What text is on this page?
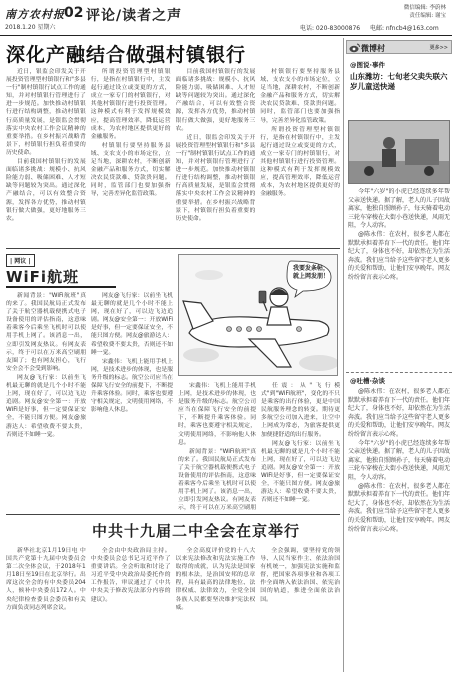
南方农村报
2018.1.20 星期六
02 评论/读者之声	微信编辑: 李蔚林
责任编辑: 谢宝
电话: 020-83000876 电邮: nfncb4@163.com
深化产融结合做强村镇银行

近日，银监会印发关于开展投资管理型村镇银行和"多县一行"制村镇银行试点工作的通知，并对村镇银行管理进行了进一步规范。加快推动村镇银行进行结构调整，推动村镇银行高质量发展，是银监会贯彻落实中央农村工作会议精神的重要举措。在乡村振兴战略背景下，村镇银行担负着重要的历史使命。

目前我国村镇银行的发展面临诸多挑战：规模小、抗风险能力弱、吸储困难、人才短缺等问题较为突出。通过深化产融结合，可以有效整合资源，发挥各方优势，推动村镇银行做大做强，更好地服务三农。

所谓投资管理型村镇银行，是指在村镇银行中，主发起行通过设立或变更的方式，成立一家专门的村镇银行，对其他村镇银行进行投资管理。这种模式有利于发挥规模效应，提高管理效率，降低运营成本，为农村地区提供更好的金融服务。

村镇银行要坚持服务县域、支农支小的市场定位，立足当地，深耕农村，不断创新金融产品和服务方式，切实解决农民贷款难、贷款贵问题。同时，监管部门也要加强指导，完善差异化监管政策。

目前我国村镇银行的发展面临诸多挑战：规模小、抗风险能力弱、吸储困难、人才短缺等问题较为突出。通过深化产融结合，可以有效整合资源，发挥各方优势，推动村镇银行做大做强，更好地服务三农。

近日，银监会印发关于开展投资管理型村镇银行和"多县一行"制村镇银行试点工作的通知，并对村镇银行管理进行了进一步规范。加快推动村镇银行进行结构调整，推动村镇银行高质量发展，是银监会贯彻落实中央农村工作会议精神的重要举措。在乡村振兴战略背景下，村镇银行担负着重要的历史使命。

村镇银行要坚持服务县域、支农支小的市场定位，立足当地，深耕农村，不断创新金融产品和服务方式，切实解决农民贷款难、贷款贵问题。同时，监管部门也要加强指导，完善差异化监管政策。

所谓投资管理型村镇银行，是指在村镇银行中，主发起行通过设立或变更的方式，成立一家专门的村镇银行，对其他村镇银行进行投资管理。这种模式有利于发挥规模效应，提高管理效率，降低运营成本，为农村地区提供更好的金融服务。

| 网议 |
WiFi航班

新闻背景："WiFi航班"真的来了。我国民航局正式发布了关于航空器机载便携式电子设备使用的评估指南，这意味着乘客今后乘坐飞机时可以使用手机上网了。该消息一出，立即引发网友热议。有网友表示，终于可以在万米高空刷朋友圈了；也有网友担心，飞行安全会不会受到影响。

网友@飞行家：以前坐飞机最无聊的就是几个小时不能上网，现在好了，可以边飞边追剧。网友@安全第一：开放WiFi是好事，但一定要保证安全，不能只图方便。网友@旅游达人：希望收费不要太贵，否则还不如睡一觉。

网友@飞行家：以前坐飞机最无聊的就是几个小时不能上网，现在好了，可以边飞边追剧。网友@安全第一：开放WiFi是好事，但一定要保证安全，不能只图方便。网友@旅游达人：希望收费不要太贵，否则还不如睡一觉。

宋鑫伟：飞机上能用手机上网，是技术进步的体现，也是服务升级的标志。航空公司应当在保障飞行安全的前提下，不断提升乘客体验。同时，乘客也要遵守相关规定，文明使用网络，不影响他人休息。

我要发条帖，就上网发朋！

宋鑫伟：飞机上能用手机上网，是技术进步的体现，也是服务升级的标志。航空公司应当在保障飞行安全的前提下，不断提升乘客体验。同时，乘客也要遵守相关规定，文明使用网络，不影响他人休息。

新闻背景："WiFi航班"真的来了。我国民航局正式发布了关于航空器机载便携式电子设备使用的评估指南，这意味着乘客今后乘坐飞机时可以使用手机上网了。该消息一出，立即引发网友热议。有网友表示，终于可以在万米高空刷朋

任震：从"飞行模式"到"WiFi航班"，变化的不只是乘客的出行体验，更是中国民航服务理念的转变。期待更多航空公司加入进来，让空中上网成为常态，为旅客提供更加便捷舒适的出行服务。

网友@飞行家：以前坐飞机最无聊的就是几个小时不能上网，现在好了，可以边飞边追剧。网友@安全第一：开放WiFi是好事，但一定要保证安全，不能只图方便。网友@旅游达人：希望收费不要太贵，否则还不如睡一觉。

中共十九届二中全会在京举行

新华社北京1月19日电 中国共产党第十九届中央委员会第二次全体会议，于2018年1月18日至19日在北京举行。出席这次全会的有中央委员204人，候补中央委员172人。中央纪律检查委员会委员和有关方面负责同志列席会议。

全会由中央政治局主持。中央委员会总书记习近平作了重要讲话。全会听取和讨论了习近平受中央政治局委托作的工作报告，审议通过了《中共中央关于修改宪法部分内容的建议》。

全会高度评价党的十八大以来宪法修改和宪法实施工作取得的成就，认为宪法是国家的根本法，是治国安邦的总章程，具有最高的法律地位、法律权威、法律效力，全党全国各族人民都要坚决维护宪法权威。

全会强调，要坚持党的领导、人民当家作主、依法治国有机统一，加强宪法实施和监督，把国家各项事业和各项工作全面纳入依法治国、依宪治国的轨道，推进全面依法治国。

微博村	更多>>
@图说·事件
山东潍坊：七旬老父卖失联六岁儿童送快递

今年"六岁"的小虎已经连续多年帮父亲送快递。据了解，老人的儿子因故离家，他独自照顾孙子，每天骑着电动三轮车穿梭在大街小巷送快递，风雨无阻，令人动容。

@陈永伟：在农村，很多老人都在默默承担着养育下一代的责任。他们年纪大了，身体也不好，却依然在为生活奔波。我们应当给予这些留守老人更多的关爱和帮助，让他们安享晚年。网友纷纷留言表示心疼。

@吐槽·杂谈

@陈永伟：在农村，很多老人都在默默承担着养育下一代的责任。他们年纪大了，身体也不好，却依然在为生活奔波。我们应当给予这些留守老人更多的关爱和帮助，让他们安享晚年。网友纷纷留言表示心疼。

今年"六岁"的小虎已经连续多年帮父亲送快递。据了解，老人的儿子因故离家，他独自照顾孙子，每天骑着电动三轮车穿梭在大街小巷送快递，风雨无阻，令人动容。

@陈永伟：在农村，很多老人都在默默承担着养育下一代的责任。他们年纪大了，身体也不好，却依然在为生活奔波。我们应当给予这些留守老人更多的关爱和帮助，让他们安享晚年。网友纷纷留言表示心疼。
